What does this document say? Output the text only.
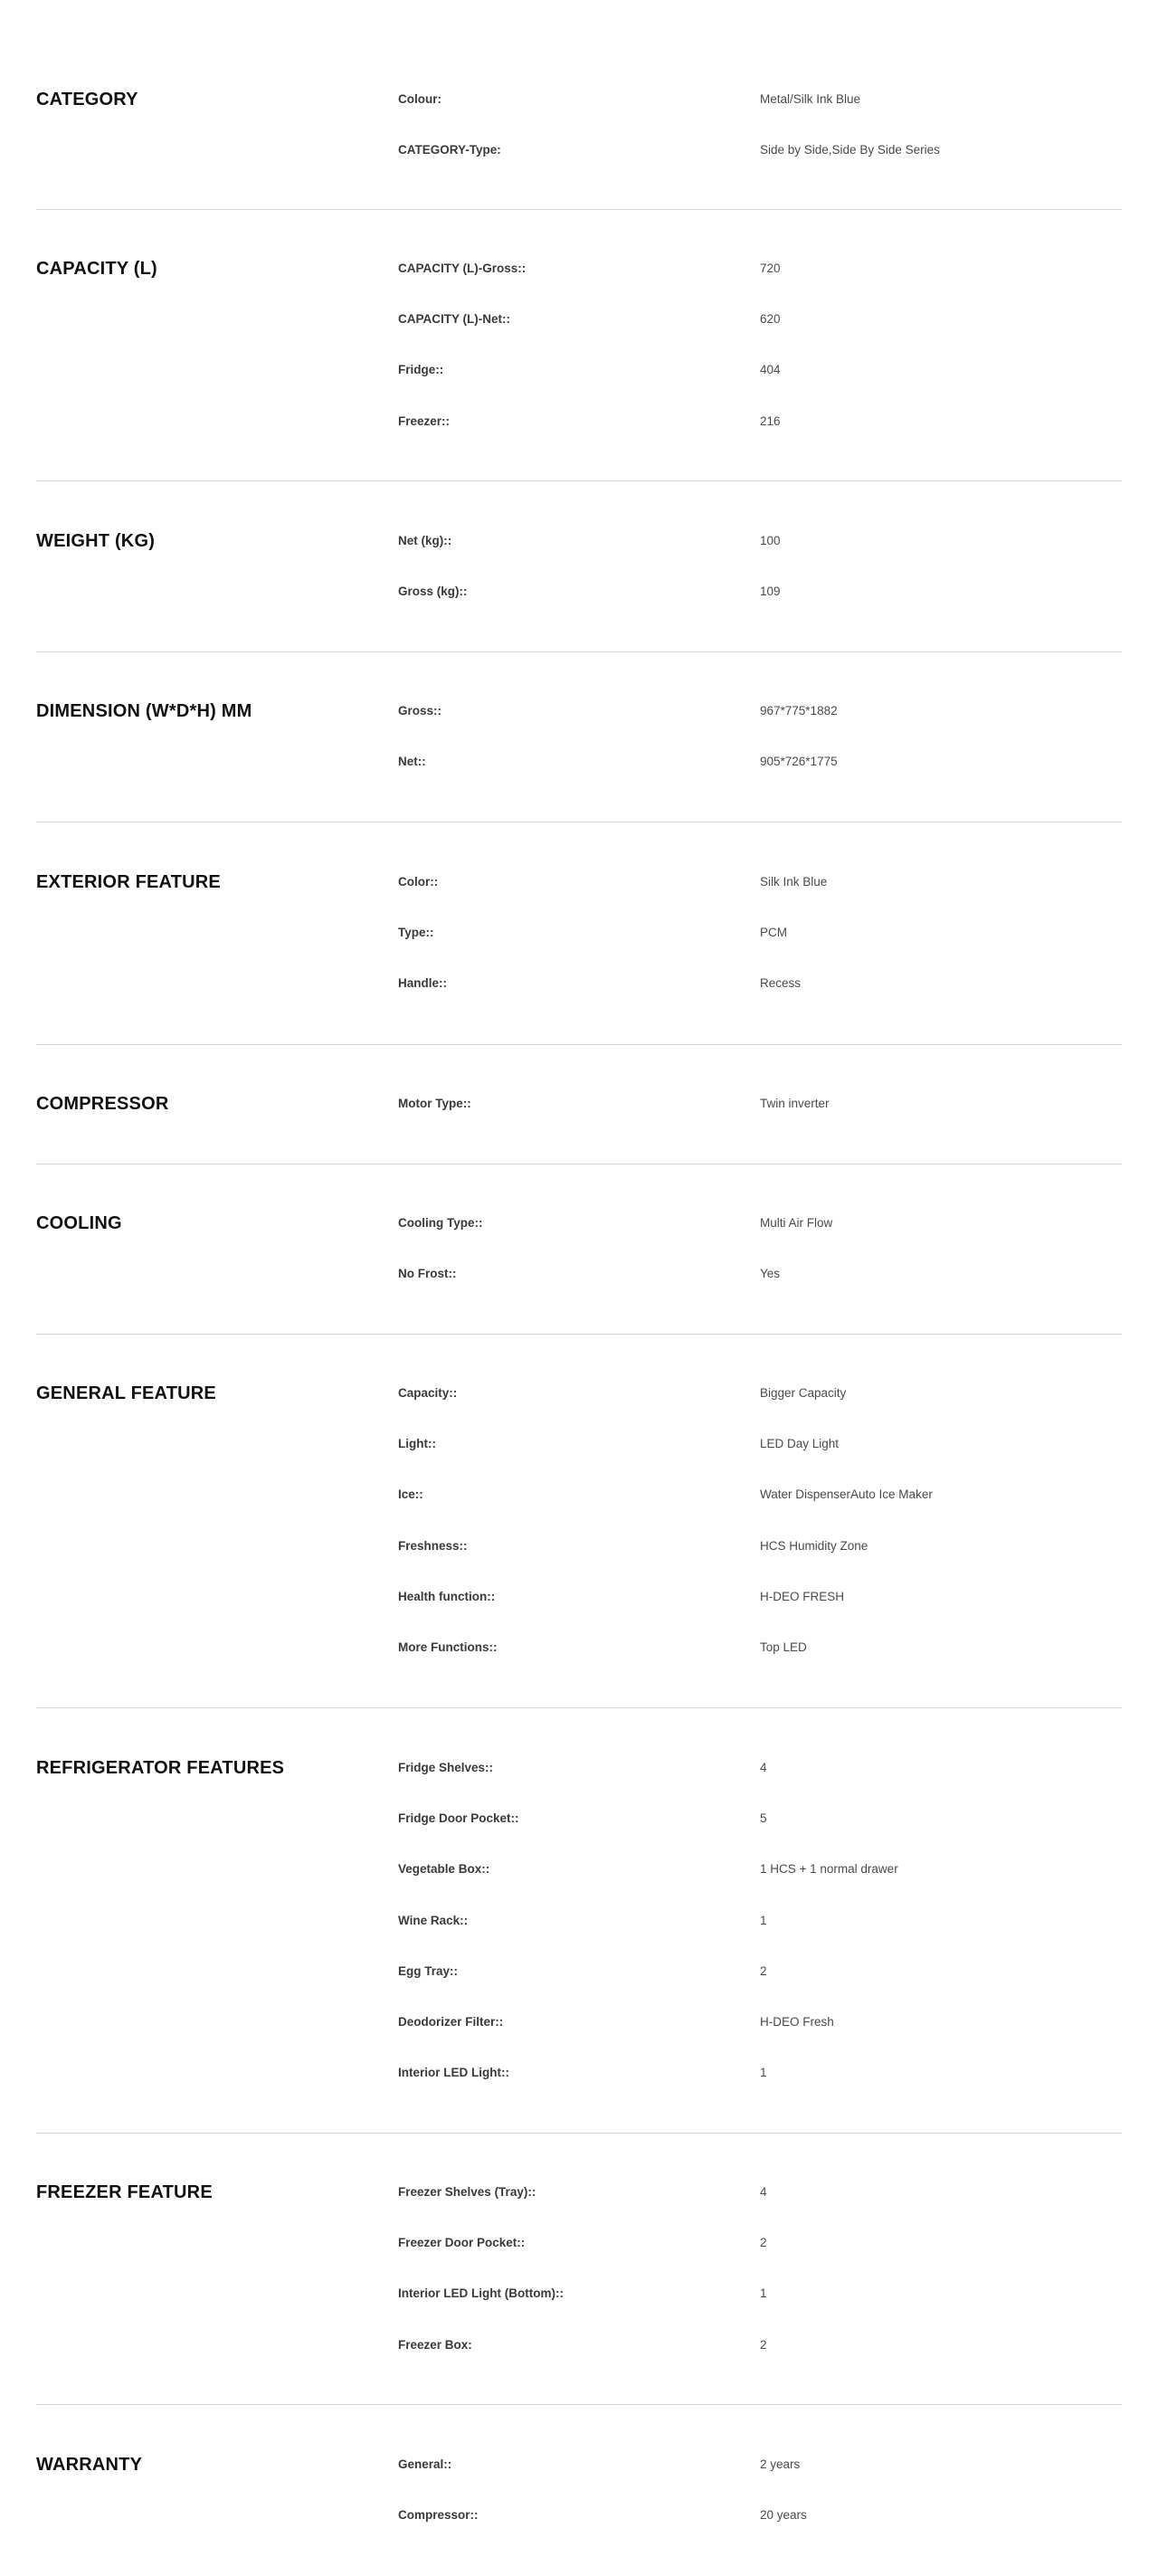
CATEGORY	Colour:	Metal/Silk Ink Blue
CATEGORY-Type:	Side by Side,Side By Side Series
CAPACITY (L)	CAPACITY (L)-Gross::	720
CAPACITY (L)-Net::	620
Fridge::	404
Freezer::	216
WEIGHT (KG)	Net (kg)::	100
Gross (kg)::	109
DIMENSION (W*D*H) MM	Gross::	967*775*1882
Net::	905*726*1775
EXTERIOR FEATURE	Color::	Silk Ink Blue
Type::	PCM
Handle::	Recess
COMPRESSOR	Motor Type::	Twin inverter
COOLING	Cooling Type::	Multi Air Flow
No Frost::	Yes
GENERAL FEATURE	Capacity::	Bigger Capacity
Light::	LED Day Light
Ice::	Water DispenserAuto Ice Maker
Freshness::	HCS Humidity Zone
Health function::	H-DEO FRESH
More Functions::	Top LED
REFRIGERATOR FEATURES	Fridge Shelves::	4
Fridge Door Pocket::	5
Vegetable Box::	1 HCS + 1 normal drawer
Wine Rack::	1
Egg Tray::	2
Deodorizer Filter::	H-DEO Fresh
Interior LED Light::	1
FREEZER FEATURE	Freezer Shelves (Tray)::	4
Freezer Door Pocket::	2
Interior LED Light (Bottom)::	1
Freezer Box:	2
WARRANTY	General::	2 years
Compressor::	20 years
